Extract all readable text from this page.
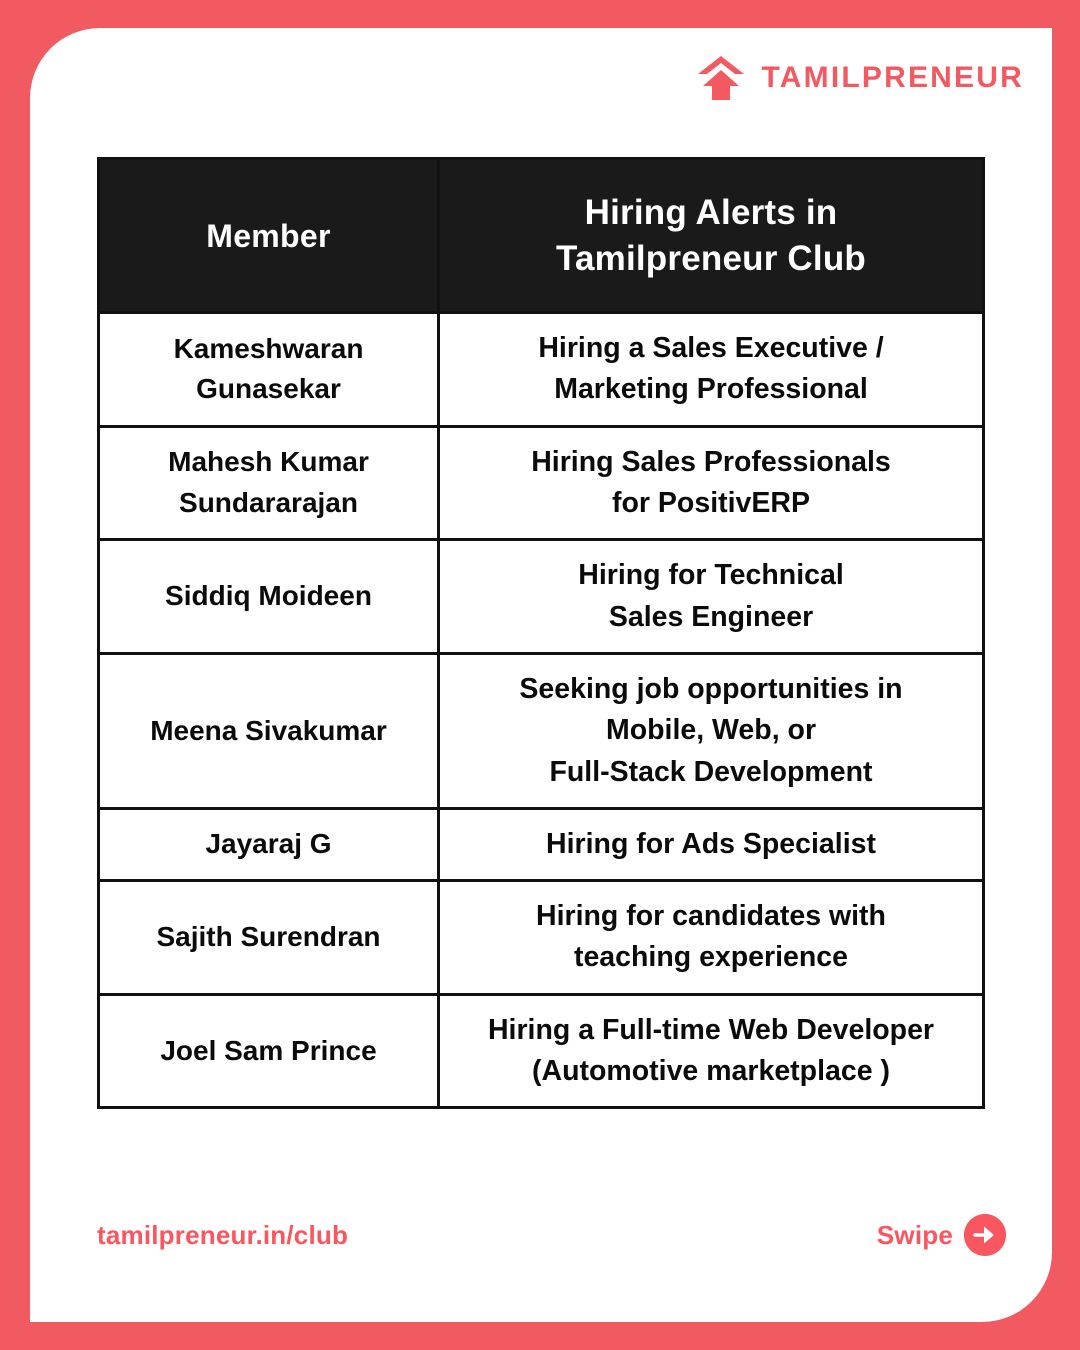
TAMILPRENEUR
Member	Hiring Alerts in
Tamilpreneur Club

Kameshwaran
Gunasekar	Hiring a Sales Executive /
Marketing Professional

Mahesh Kumar
Sundararajan	Hiring Sales Professionals
for PositivERP

Siddiq Moideen	Hiring for Technical
Sales Engineer

Meena Sivakumar	Seeking job opportunities in
Mobile, Web, or
Full-Stack Development

Jayaraj G	Hiring for Ads Specialist

Sajith Surendran	Hiring for candidates with
teaching experience

Joel Sam Prince	Hiring a Full-time Web Developer
(Automotive marketplace )
tamilpreneur.in/club	Swipe
